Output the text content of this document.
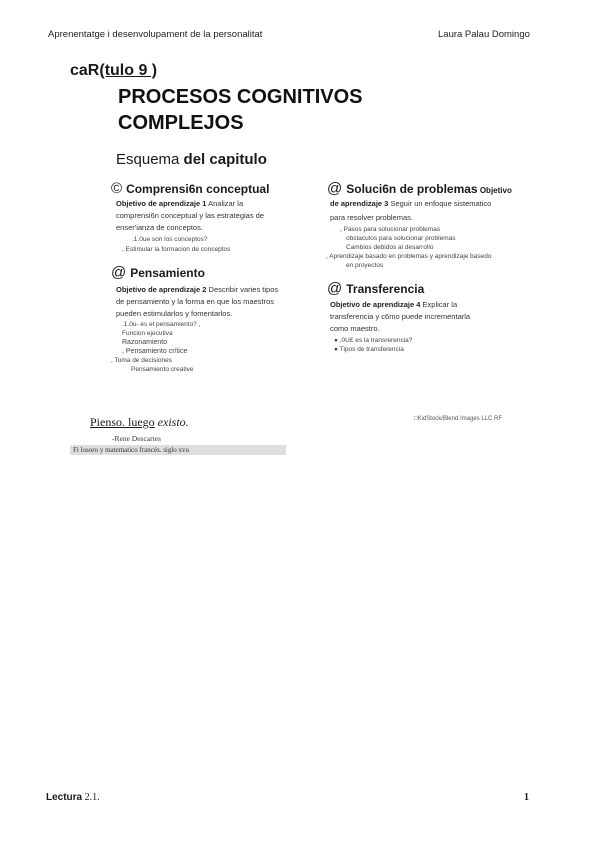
Aprenentatge i desenvolupament de la personalitat	Laura Palau Domingo
caR(tulo 9 )
PROCESOS COGNITIVOS
COMPLEJOS
Esquema del capitulo
© Comprensi6n conceptual
Objetivo de aprendizaje 1 Analizar la
comprensi6n conceptual y las estrategias de
enser'ianza de conceptos.
.1.0ue son los conceptos?
, Estimular la formacion de conceptos
@ Pensamiento
Objetivo de aprendizaje 2 Describir varies tipos
de pensamiento y la forma en que los maestros
pueden estimularlos y fomentarlos.
.1.0u- es el pensamiento? ,
Funcion ejecutiva
Razonamiento
, Pensamiento cr/tice
, Toma de decisiones
Pensamiento creative
@ Soluci6n de problemas Objetivo
de aprendizaje 3 Seguir un enfoque sistematico
para resolver problemas.
, Pasos para solucionar problemas
obstaculos para solucionar problemas
Cambios debidos al desarrollo
, Aprendizaje basado en problemas y aprendizaje basedo
en proyectos
@ Transferencia
Objetivo de aprendizaje 4 Explicar la
transferencia y c6mo puede incrementarla
como maestro.
● ,0U£ es la transrerencia?
● Tipos de transferencia
Pienso. luego existo.	□KidStock/Blend Images LLC RF
-Rene Descartes
Fi losoro y matematico francés. siglo xvu
Lectura 2.1.	1
